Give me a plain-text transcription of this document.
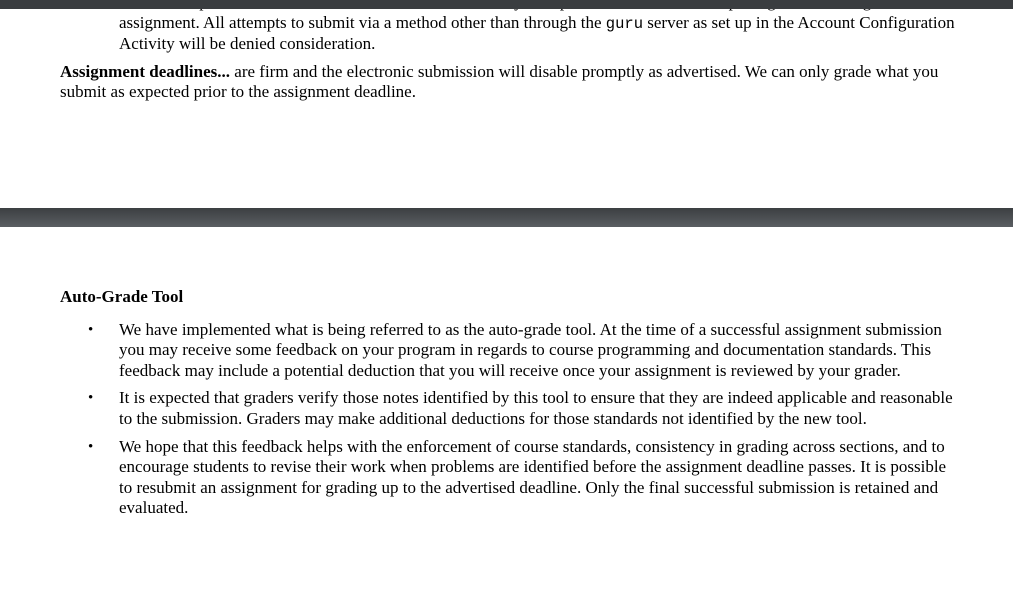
assignment. All attempts to submit via a method other than through the guru server as set up in the Account Configuration Activity will be denied consideration.
Assignment deadlines... are firm and the electronic submission will disable promptly as advertised. We can only grade what you submit as expected prior to the assignment deadline.
Auto-Grade Tool
• We have implemented what is being referred to as the auto-grade tool. At the time of a successful assignment submission you may receive some feedback on your program in regards to course programming and documentation standards. This feedback may include a potential deduction that you will receive once your assignment is reviewed by your grader.
• It is expected that graders verify those notes identified by this tool to ensure that they are indeed applicable and reasonable to the submission. Graders may make additional deductions for those standards not identified by the new tool.
• We hope that this feedback helps with the enforcement of course standards, consistency in grading across sections, and to encourage students to revise their work when problems are identified before the assignment deadline passes. It is possible to resubmit an assignment for grading up to the advertised deadline. Only the final successful submission is retained and evaluated.
